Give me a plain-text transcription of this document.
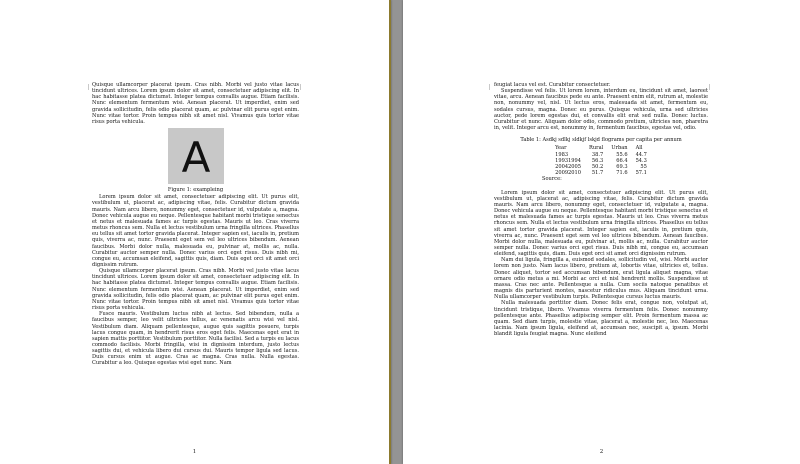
Quisque ullamcorper placerat ipsum. Cras nibh. Morbi vel justo vitae lacus tincidunt ultrices. Lorem ipsum dolor sit amet, consectetuer adipiscing elit. In hac habitasse platea dictumst. Integer tempus convallis augue. Etiam facilisis. Nunc elementum fermentum wisi. Aenean placerat. Ut imperdiet, enim sed gravida sollicitudin, felis odio placerat quam, ac pulvinar elit purus eget enim. Nunc vitae tortor. Proin tempus nibh sit amet nisl. Vivamus quis tortor vitae risus porta vehicula.

A
Figure 1: exampleing

Lorem ipsum dolor sit amet, consectetuer adipiscing elit. Ut purus elit, vestibulum ut, placerat ac, adipiscing vitae, felis. Curabitur dictum gravida mauris. Nam arcu libero, nonummy eget, consectetuer id, vulputate a, magna. Donec vehicula augue eu neque. Pellentesque habitant morbi tristique senectus et netus et malesuada fames ac turpis egestas. Mauris ut leo. Cras viverra metus rhoncus sem. Nulla et lectus vestibulum urna fringilla ultrices. Phasellus eu tellus sit amet tortor gravida placerat. Integer sapien est, iaculis in, pretium quis, viverra ac, nunc. Praesent eget sem vel leo ultrices bibendum. Aenean faucibus. Morbi dolor nulla, malesuada eu, pulvinar at, mollis ac, nulla. Curabitur auctor semper nulla. Donec varius orci eget risus. Duis nibh mi, congue eu, accumsan eleifend, sagittis quis, diam. Duis eget orci sit amet orci dignissim rutrum.

Quisque ullamcorper placerat ipsum. Cras nibh. Morbi vel justo vitae lacus tincidunt ultrices. Lorem ipsum dolor sit amet, consectetuer adipiscing elit. In hac habitasse platea dictumst. Integer tempus convallis augue. Etiam facilisis. Nunc elementum fermentum wisi. Aenean placerat. Ut imperdiet, enim sed gravida sollicitudin, felis odio placerat quam, ac pulvinar elit purus eget enim. Nunc vitae tortor. Proin tempus nibh sit amet nisl. Vivamus quis tortor vitae risus porta vehicula.

Fusce mauris. Vestibulum luctus nibh at lectus. Sed bibendum, nulla a faucibus semper, leo velit ultricies tellus, ac venenatis arcu wisi vel nisl. Vestibulum diam. Aliquam pellentesque, augue quis sagittis posuere, turpis lacus congue quam, in hendrerit risus eros eget felis. Maecenas eget erat in sapien mattis porttitor. Vestibulum porttitor. Nulla facilisi. Sed a turpis eu lacus commodo facilisis. Morbi fringilla, wisi in dignissim interdum, justo lectus sagittis dui, et vehicula libero dui cursus dui. Mauris tempor ligula sed lacus. Duis cursus enim ut augue. Cras ac magna. Cras nulla. Nulla egestas. Curabitur a leo. Quisque egestas wisi eget nunc. Nam

1

feugiat lacus vel est. Curabitur consectetuer.

Suspendisse vel felis. Ut lorem lorem, interdum eu, tincidunt sit amet, laoreet vitae, arcu. Aenean faucibus pede eu ante. Praesent enim elit, rutrum at, molestie non, nonummy vel, nisl. Ut lectus eros, malesuada sit amet, fermentum eu, sodales cursus, magna. Donec eu purus. Quisque vehicula, urna sed ultricies auctor, pede lorem egestas dui, et convallis elit erat sed nulla. Donec luctus. Curabitur et nunc. Aliquam dolor odio, commodo pretium, ultricies non, pharetra in, velit. Integer arcu est, nonummy in, fermentum faucibus, egestas vel, odio.

Table 1: Asdkj sdlkj sldkjf lskjd flograms per capita per annum
Year	Rural	Urban	All
1983	38.7	55.6	44.7
19931994	56.3	66.4	54.3
20042005	50.2	69.3	55
20092010	51.7	71.6	57.1
Source:

Lorem ipsum dolor sit amet, consectetuer adipiscing elit. Ut purus elit, vestibulum ut, placerat ac, adipiscing vitae, felis. Curabitur dictum gravida mauris. Nam arcu libero, nonummy eget, consectetuer id, vulputate a, magna. Donec vehicula augue eu neque. Pellentesque habitant morbi tristique senectus et netus et malesuada fames ac turpis egestas. Mauris ut leo. Cras viverra metus rhoncus sem. Nulla et lectus vestibulum urna fringilla ultrices. Phasellus eu tellus sit amet tortor gravida placerat. Integer sapien est, iaculis in, pretium quis, viverra ac, nunc. Praesent eget sem vel leo ultrices bibendum. Aenean faucibus. Morbi dolor nulla, malesuada eu, pulvinar at, mollis ac, nulla. Curabitur auctor semper nulla. Donec varius orci eget risus. Duis nibh mi, congue eu, accumsan eleifend, sagittis quis, diam. Duis eget orci sit amet orci dignissim rutrum.

Nam dui ligula, fringilla a, euismod sodales, sollicitudin vel, wisi. Morbi auctor lorem non justo. Nam lacus libero, pretium at, lobortis vitae, ultricies et, tellus. Donec aliquet, tortor sed accumsan bibendum, erat ligula aliquet magna, vitae ornare odio metus a mi. Morbi ac orci et nisl hendrerit mollis. Suspendisse ut massa. Cras nec ante. Pellentesque a nulla. Cum sociis natoque penatibus et magnis dis parturient montes, nascetur ridiculus mus. Aliquam tincidunt urna. Nulla ullamcorper vestibulum turpis. Pellentesque cursus luctus mauris.

Nulla malesuada porttitor diam. Donec felis erat, congue non, volutpat at, tincidunt tristique, libero. Vivamus viverra fermentum felis. Donec nonummy pellentesque ante. Phasellus adipiscing semper elit. Proin fermentum massa ac quam. Sed diam turpis, molestie vitae, placerat a, molestie nec, leo. Maecenas lacinia. Nam ipsum ligula, eleifend at, accumsan nec, suscipit a, ipsum. Morbi blandit ligula feugiat magna. Nunc eleifend

2
